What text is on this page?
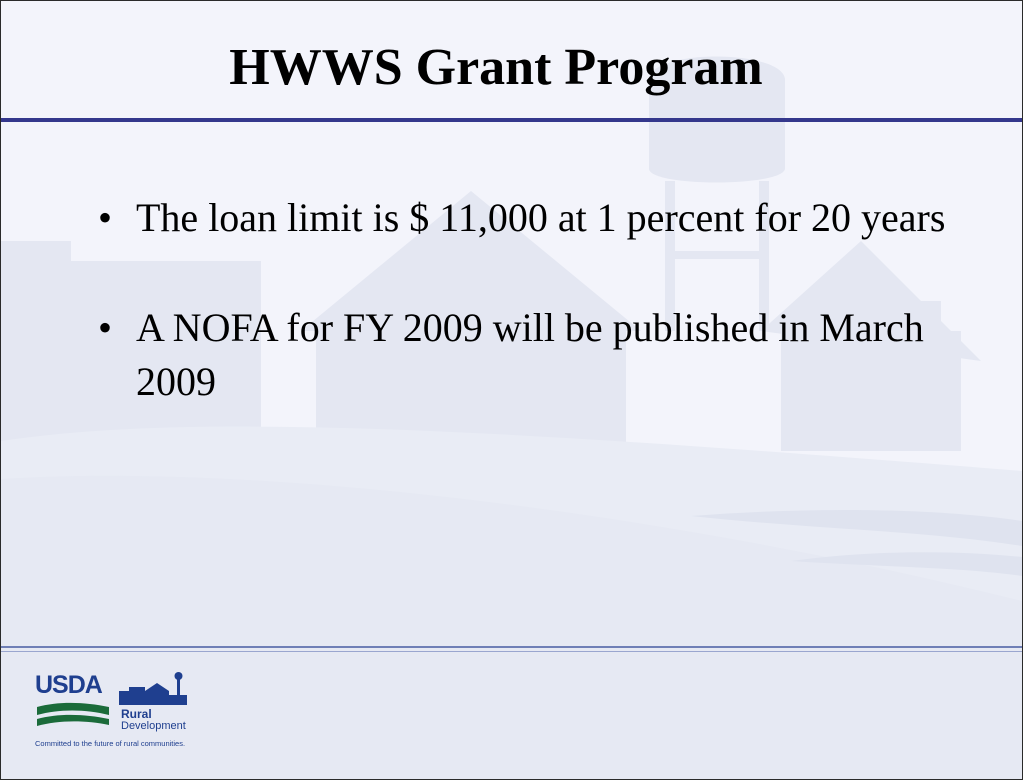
HWWS Grant Program
• The loan limit is $ 11,000 at 1 percent for 20 years
• A NOFA for FY 2009 will be published in March 2009
USDA
Rural
Development
Committed to the future of rural communities.
